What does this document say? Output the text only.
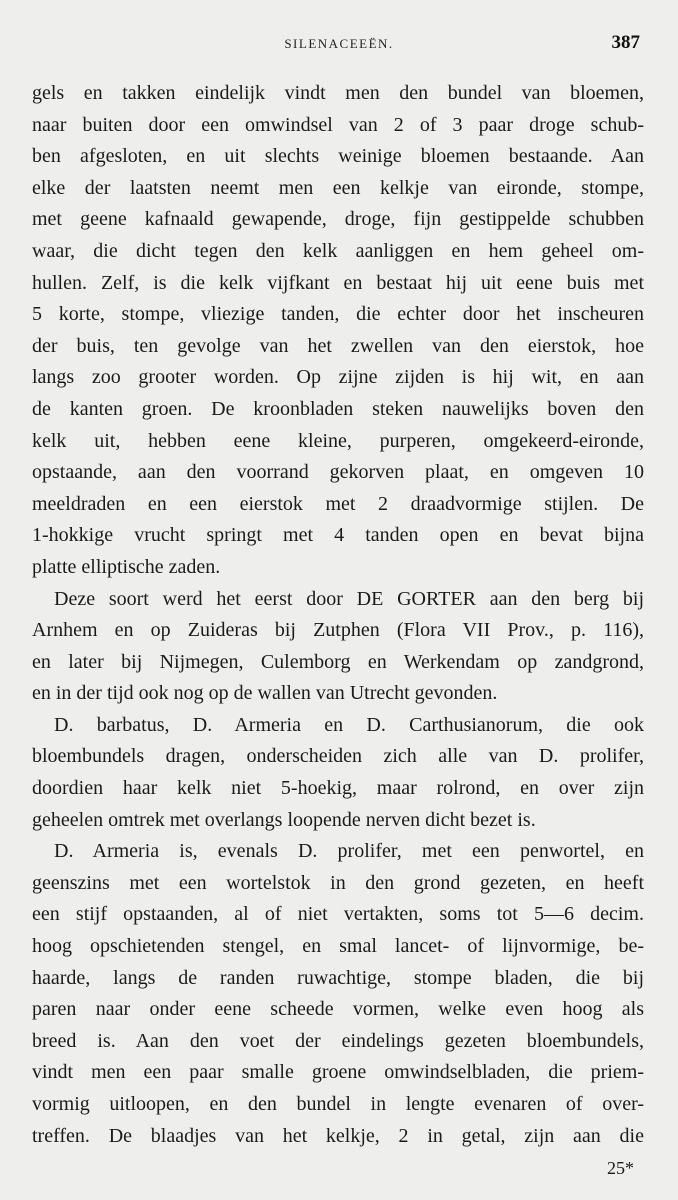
SILENACEEËN.	387
gels en takken eindelijk vindt men den bundel van bloemen,
naar buiten door een omwindsel van 2 of 3 paar droge schub-
ben afgesloten, en uit slechts weinige bloemen bestaande. Aan
elke der laatsten neemt men een kelkje van eironde, stompe,
met geene kafnaald gewapende, droge, fijn gestippelde schubben
waar, die dicht tegen den kelk aanliggen en hem geheel om-
hullen. Zelf, is die kelk vijfkant en bestaat hij uit eene buis met
5 korte, stompe, vliezige tanden, die echter door het inscheuren
der buis, ten gevolge van het zwellen van den eierstok, hoe
langs zoo grooter worden. Op zijne zijden is hij wit, en aan
de kanten groen. De kroonbladen steken nauwelijks boven den
kelk uit, hebben eene kleine, purperen, omgekeerd-eironde,
opstaande, aan den voorrand gekorven plaat, en omgeven 10
meeldraden en een eierstok met 2 draadvormige stijlen. De
1-hokkige vrucht springt met 4 tanden open en bevat bijna
platte elliptische zaden.
Deze soort werd het eerst door DE GORTER aan den berg bij
Arnhem en op Zuideras bij Zutphen (Flora VII Prov., p. 116),
en later bij Nijmegen, Culemborg en Werkendam op zandgrond,
en in der tijd ook nog op de wallen van Utrecht gevonden.
D. barbatus, D. Armeria en D. Carthusianorum, die ook
bloembundels dragen, onderscheiden zich alle van D. prolifer,
doordien haar kelk niet 5-hoekig, maar rolrond, en over zijn
geheelen omtrek met overlangs loopende nerven dicht bezet is.
D. Armeria is, evenals D. prolifer, met een penwortel, en
geenszins met een wortelstok in den grond gezeten, en heeft
een stijf opstaanden, al of niet vertakten, soms tot 5—6 decim.
hoog opschietenden stengel, en smal lancet- of lijnvormige, be-
haarde, langs de randen ruwachtige, stompe bladen, die bij
paren naar onder eene scheede vormen, welke even hoog als
breed is. Aan den voet der eindelings gezeten bloembundels,
vindt men een paar smalle groene omwindselbladen, die priem-
vormig uitloopen, en den bundel in lengte evenaren of over-
treffen. De blaadjes van het kelkje, 2 in getal, zijn aan die
25*
